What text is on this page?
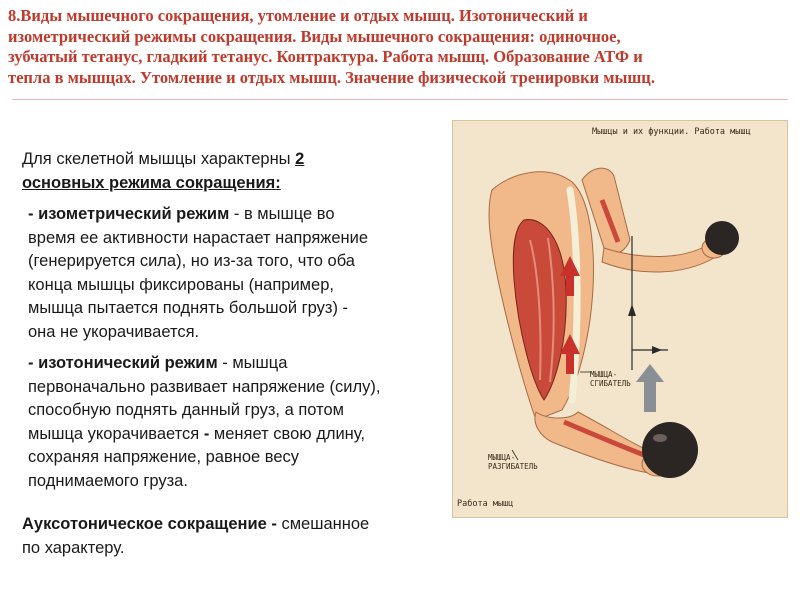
8.Виды мышечного сокращения, утомление и отдых мышц. Изотонический и
изометрический режимы сокращения. Виды мышечного сокращения: одиночное,
зубчатый тетанус, гладкий тетанус. Контрактура. Работа мышц. Образование АТФ и
тепла в мышцах. Утомление и отдых мышц. Значение физической тренировки мышц.
Для скелетной мышцы характерны 2
основных режима сокращения:
- изометрический режим - в мышце во
время ее активности нарастает напряжение
(генерируется сила), но из-за того, что оба
конца мышцы фиксированы (например,
мышца пытается поднять большой груз) -
она не укорачивается.
- изотонический режим - мышца
первоначально развивает напряжение (силу),
способную поднять данный груз, а потом
мышца укорачивается - меняет свою длину,
сохраняя напряжение, равное весу
поднимаемого груза.
Ауксотоническое сокращение - смешанное
по характеру.
Мышцы и их функции. Работа мышц
МЫШЦА-
СГИБАТЕЛЬ
МЫШЦА-
РАЗГИБАТЕЛЬ
Работа мышц
